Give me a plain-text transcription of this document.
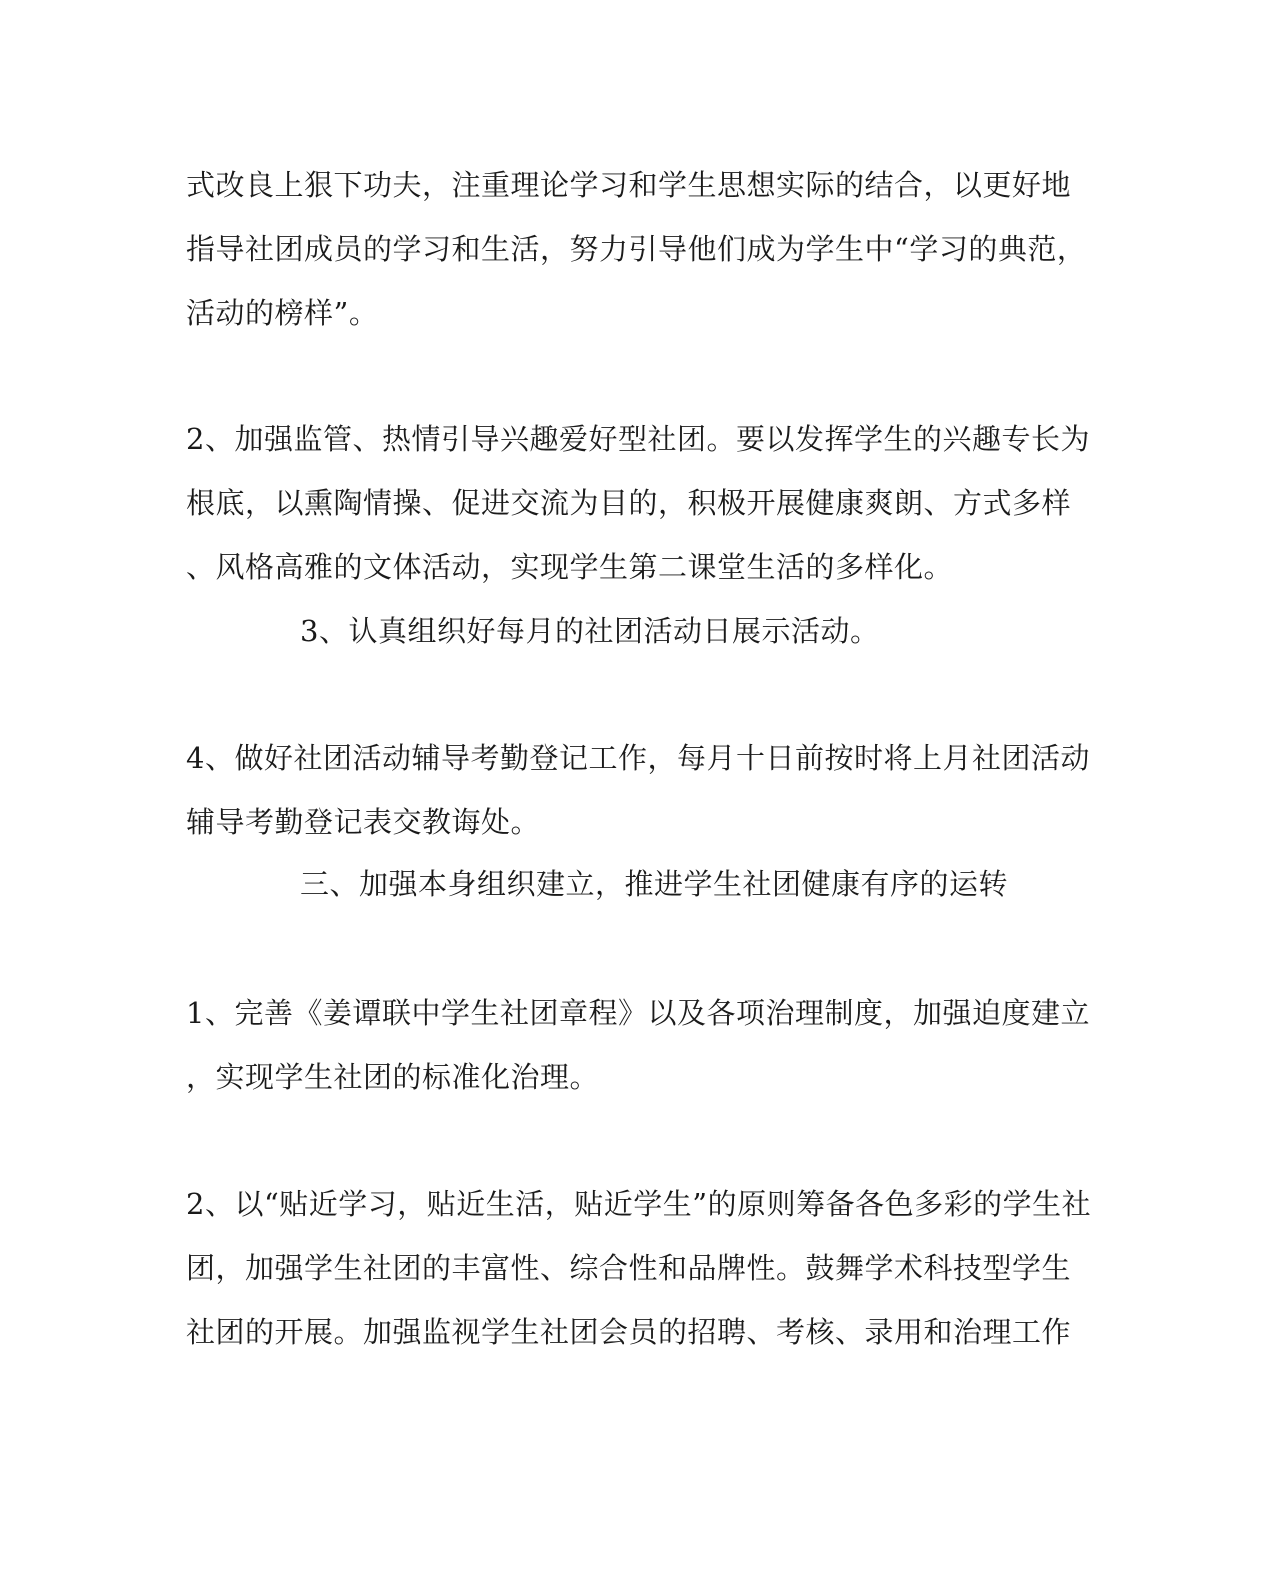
式改良上狠下功夫，注重理论学习和学生思想实际的结合，以更好地
指导社团成员的学习和生活，努力引导他们成为学生中“学习的典范，
活动的榜样”。
2、加强监管、热情引导兴趣爱好型社团。要以发挥学生的兴趣专长为
根底，以熏陶情操、促进交流为目的，积极开展健康爽朗、方式多样
、风格高雅的文体活动，实现学生第二课堂生活的多样化。
3、认真组织好每月的社团活动日展示活动。
4、做好社团活动辅导考勤登记工作，每月十日前按时将上月社团活动
辅导考勤登记表交教诲处。
三、加强本身组织建立，推进学生社团健康有序的运转
1、完善《姜谭联中学生社团章程》以及各项治理制度，加强迫度建立
，实现学生社团的标准化治理。
2、以“贴近学习，贴近生活，贴近学生”的原则筹备各色多彩的学生社
团，加强学生社团的丰富性、综合性和品牌性。鼓舞学术科技型学生
社团的开展。加强监视学生社团会员的招聘、考核、录用和治理工作
